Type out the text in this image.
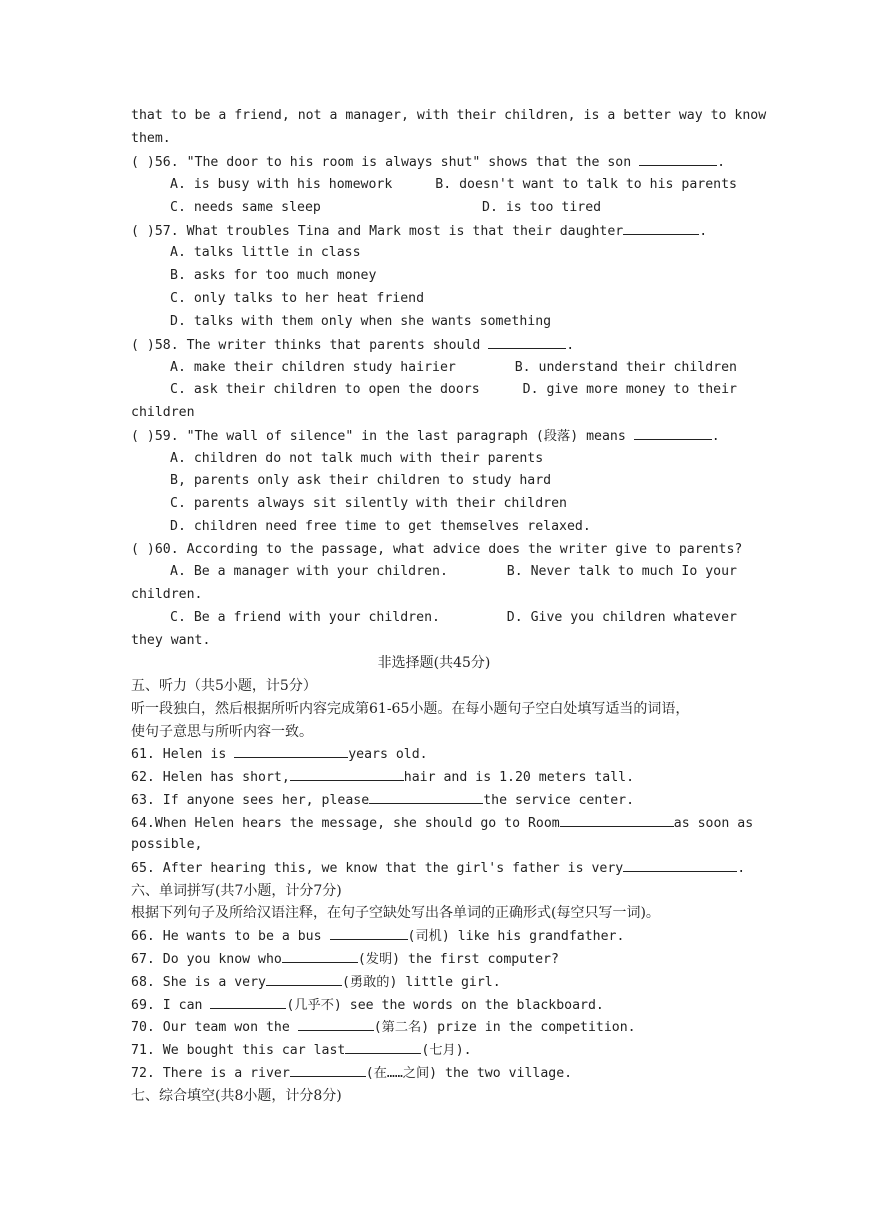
that to be a friend, not a manager, with their children, is a better way to know
them.
( )56. "The door to his room is always shut" shows that the son	.
A. is busy with his homework	B. doesn't want to talk to his parents
C. needs same sleep	D. is too tired
( )57. What troubles Tina and Mark most is that their daughter	.
A. talks little in class
B. asks for too much money
C. only talks to her heat friend
D. talks with them only when she wants something
( )58. The writer thinks that parents should	.
A. make their children study hairier	B. understand their children
C. ask their children to open the doors	D. give more money to their
children
( )59. "The wall of silence" in the last paragraph (段落) means	.
A. children do not talk much with their parents
B, parents only ask their children to study hard
C. parents always sit silently with their children
D. children need free time to get themselves relaxed.
( )60. According to the passage, what advice does the writer give to parents?
A. Be a manager with your children.	B. Never talk to much Io your
children.
C. Be a friend with your children.	D. Give you children whatever
they want.
非选择题(共45分)
五、听力（共5小题，计5分）
听一段独白，然后根据所听内容完成第61-65小题。在每小题句子空白处填写适当的词语，
使句子意思与所听内容一致。
61. Helen is	years old.
62. Helen has short,	hair and is 1.20 meters tall.
63. If anyone sees her, please	the service center.
64.When Helen hears the message, she should go to Room	as soon as
possible,
65. After hearing this, we know that the girl's father is very	.
六、单词拼写(共7小题，计分7分)
根据下列句子及所给汉语注释，在句子空缺处写出各单词的正确形式(每空只写一词)。
66. He wants to be a bus	(司机) like his grandfather.
67. Do you know who	(发明) the first computer?
68. She is a very	(勇敢的) little girl.
69. I can	(几乎不) see the words on the blackboard.
70. Our team won the	(第二名) prize in the competition.
71. We bought this car last	(七月).
72. There is a river	(在……之间) the two village.
七、综合填空(共8小题，计分8分)
